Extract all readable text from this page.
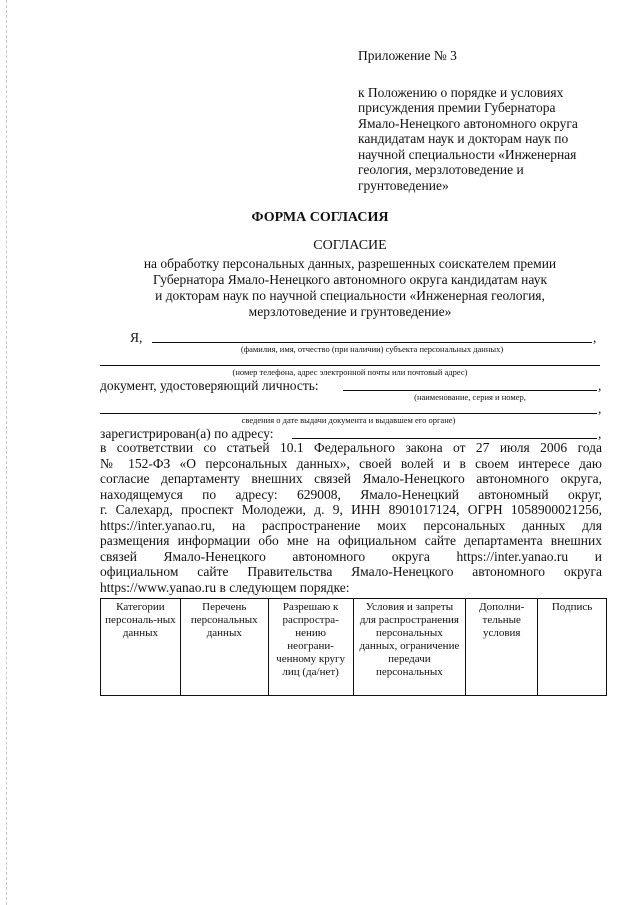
Приложение № 3
к Положению о порядке и условиях
присуждения премии Губернатора
Ямало-Ненецкого автономного округа
кандидатам наук и докторам наук по
научной специальности «Инженерная
геология, мерзлотоведение и
грунтоведение»
ФОРМА СОГЛАСИЯ
СОГЛАСИЕ
на обработку персональных данных, разрешенных соискателем премии
Губернатора Ямало-Ненецкого автономного округа кандидатам наук
и докторам наук по научной специальности «Инженерная геология,
мерзлотоведение и грунтоведение»
Я,	,
(фамилия, имя, отчество (при наличии) субъекта персональных данных)
(номер телефона, адрес электронной почты или почтовый адрес)
документ, удостоверяющий личность:	,
(наименование, серия и номер,
,
сведения о дате выдачи документа и выдавшем его органе)
зарегистрирован(а) по адресу:	,
в соответствии со статьей 10.1 Федерального закона от 27 июля 2006 года
№ 152-ФЗ «О персональных данных», своей волей и в своем интересе даю
согласие департаменту внешних связей Ямало-Ненецкого автономного округа,
находящемуся по адресу: 629008, Ямало-Ненецкий автономный округ,
г. Салехард, проспект Молодежи, д. 9, ИНН 8901017124, ОГРН 1058900021256,
https://inter.yanao.ru, на распространение моих персональных данных для
размещения информации обо мне на официальном сайте департамента внешних
связей Ямало-Ненецкого автономного округа https://inter.yanao.ru и
официальном сайте Правительства Ямало-Ненецкого автономного округа
https://www.yanao.ru в следующем порядке:
Категории персональ-ных данных	Перечень персональных данных	Разрешаю к распростра-нению неограни-ченному кругу лиц (да/нет)	Условия и запреты для распространения персональных данных, ограничение передачи персональных	Дополни-тельные условия	Подпись
